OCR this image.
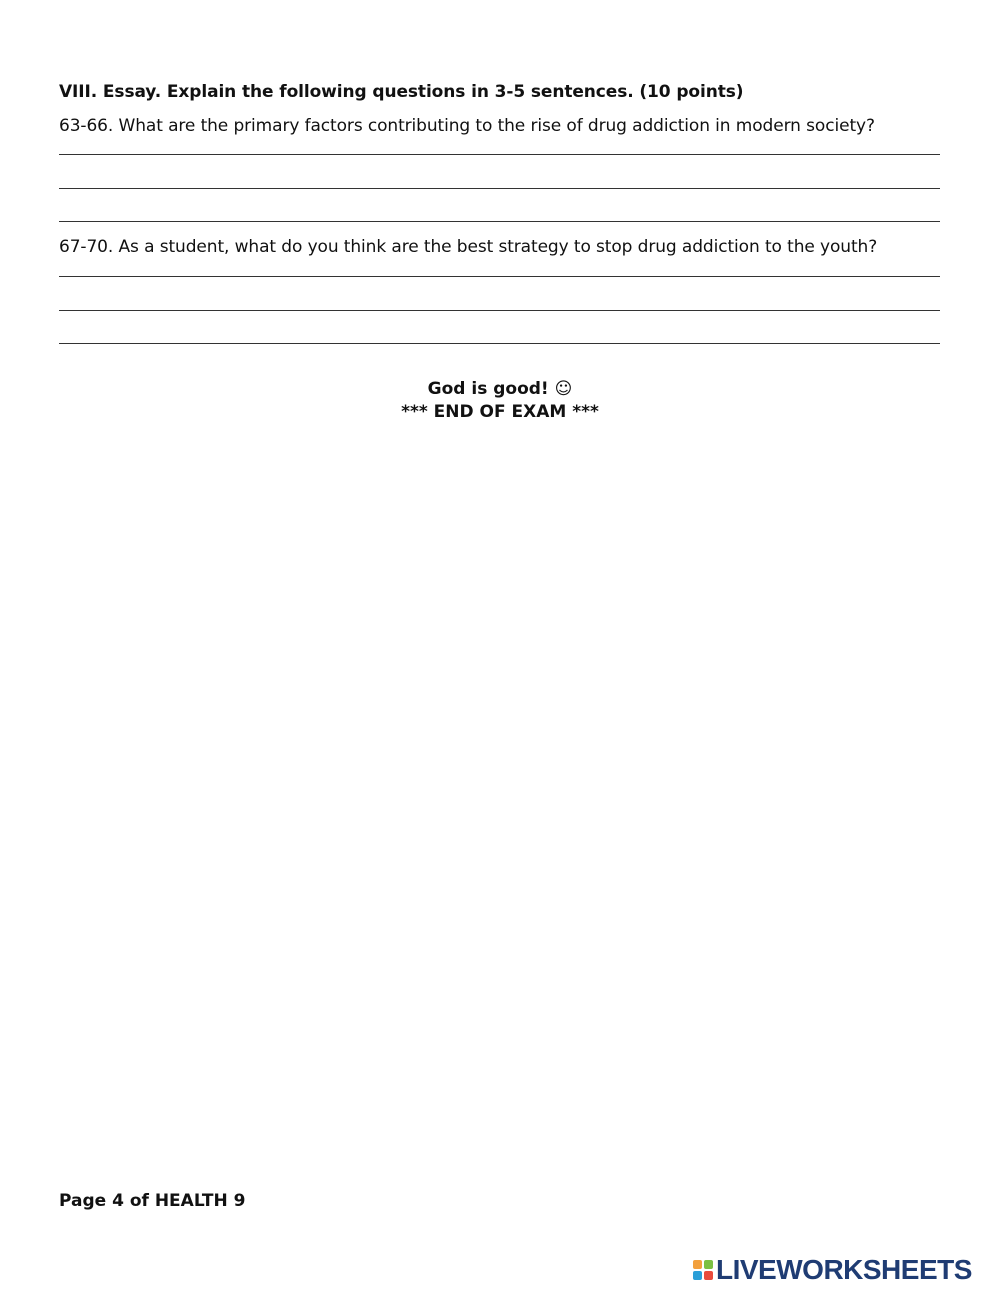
VIII. Essay. Explain the following questions in 3-5 sentences. (10 points)
63-66. What are the primary factors contributing to the rise of drug addiction in modern society?
67-70. As a student, what do you think are the best strategy to stop drug addiction to the youth?
God is good! ☺
*** END OF EXAM ***
Page 4 of HEALTH 9
LIVEWORKSHEETS
